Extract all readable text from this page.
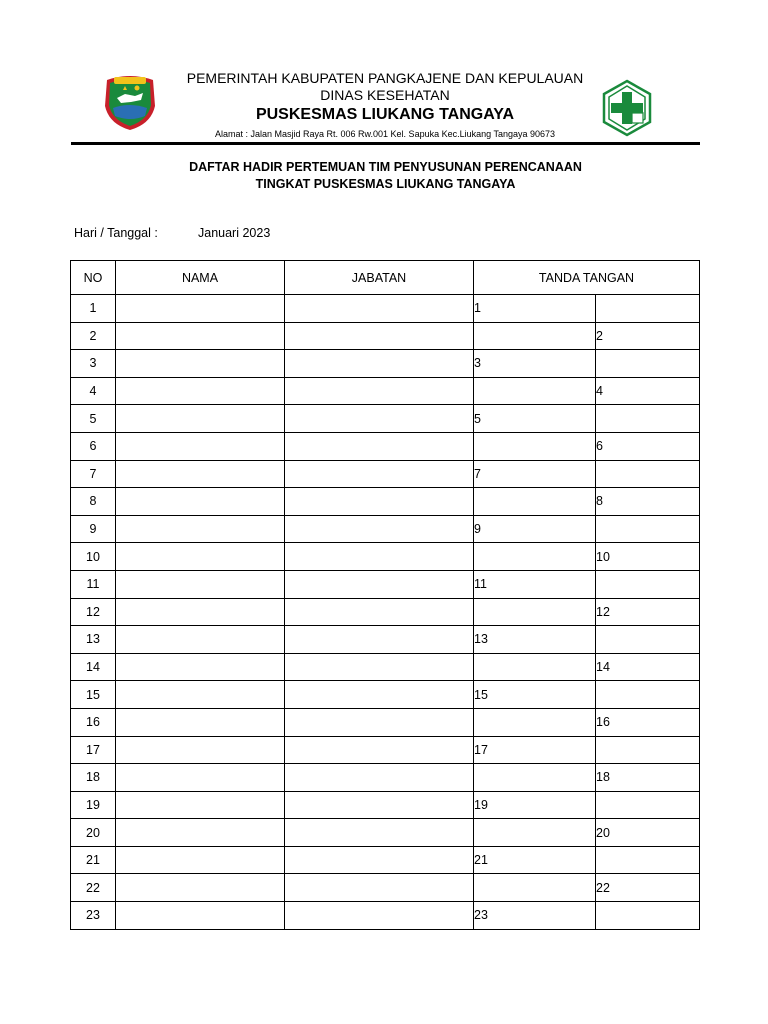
PEMERINTAH KABUPATEN PANGKAJENE DAN KEPULAUAN
DINAS KESEHATAN
PUSKESMAS LIUKANG TANGAYA
Alamat : Jalan Masjid Raya Rt. 006 Rw.001 Kel. Sapuka Kec.Liukang Tangaya 90673
DAFTAR HADIR PERTEMUAN TIM PENYUSUNAN PERENCANAAN
TINGKAT PUSKESMAS LIUKANG TANGAYA
Hari / Tanggal :	Januari 2023
NO	NAMA	JABATAN	TANDA TANGAN	
1			1	
2				2
3			3	
4				4
5			5	
6				6
7			7	
8				8
9			9	
10				10
11			11	
12				12
13			13	
14				14
15			15	
16				16
17			17	
18				18
19			19	
20				20
21			21	
22				22
23			23	
